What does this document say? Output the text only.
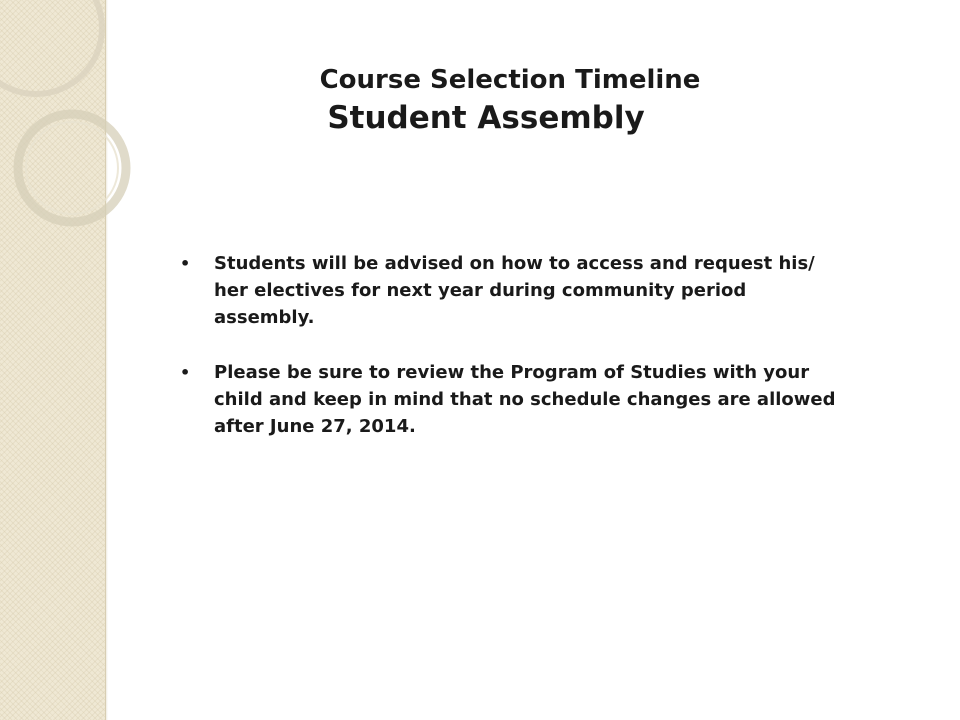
Course Selection Timeline

Student Assembly

• Students will be advised on how to access and request his/ her electives for next year during community period assembly.
• Please be sure to review the Program of Studies with your child and keep in mind that no schedule changes are allowed after June 27, 2014.
